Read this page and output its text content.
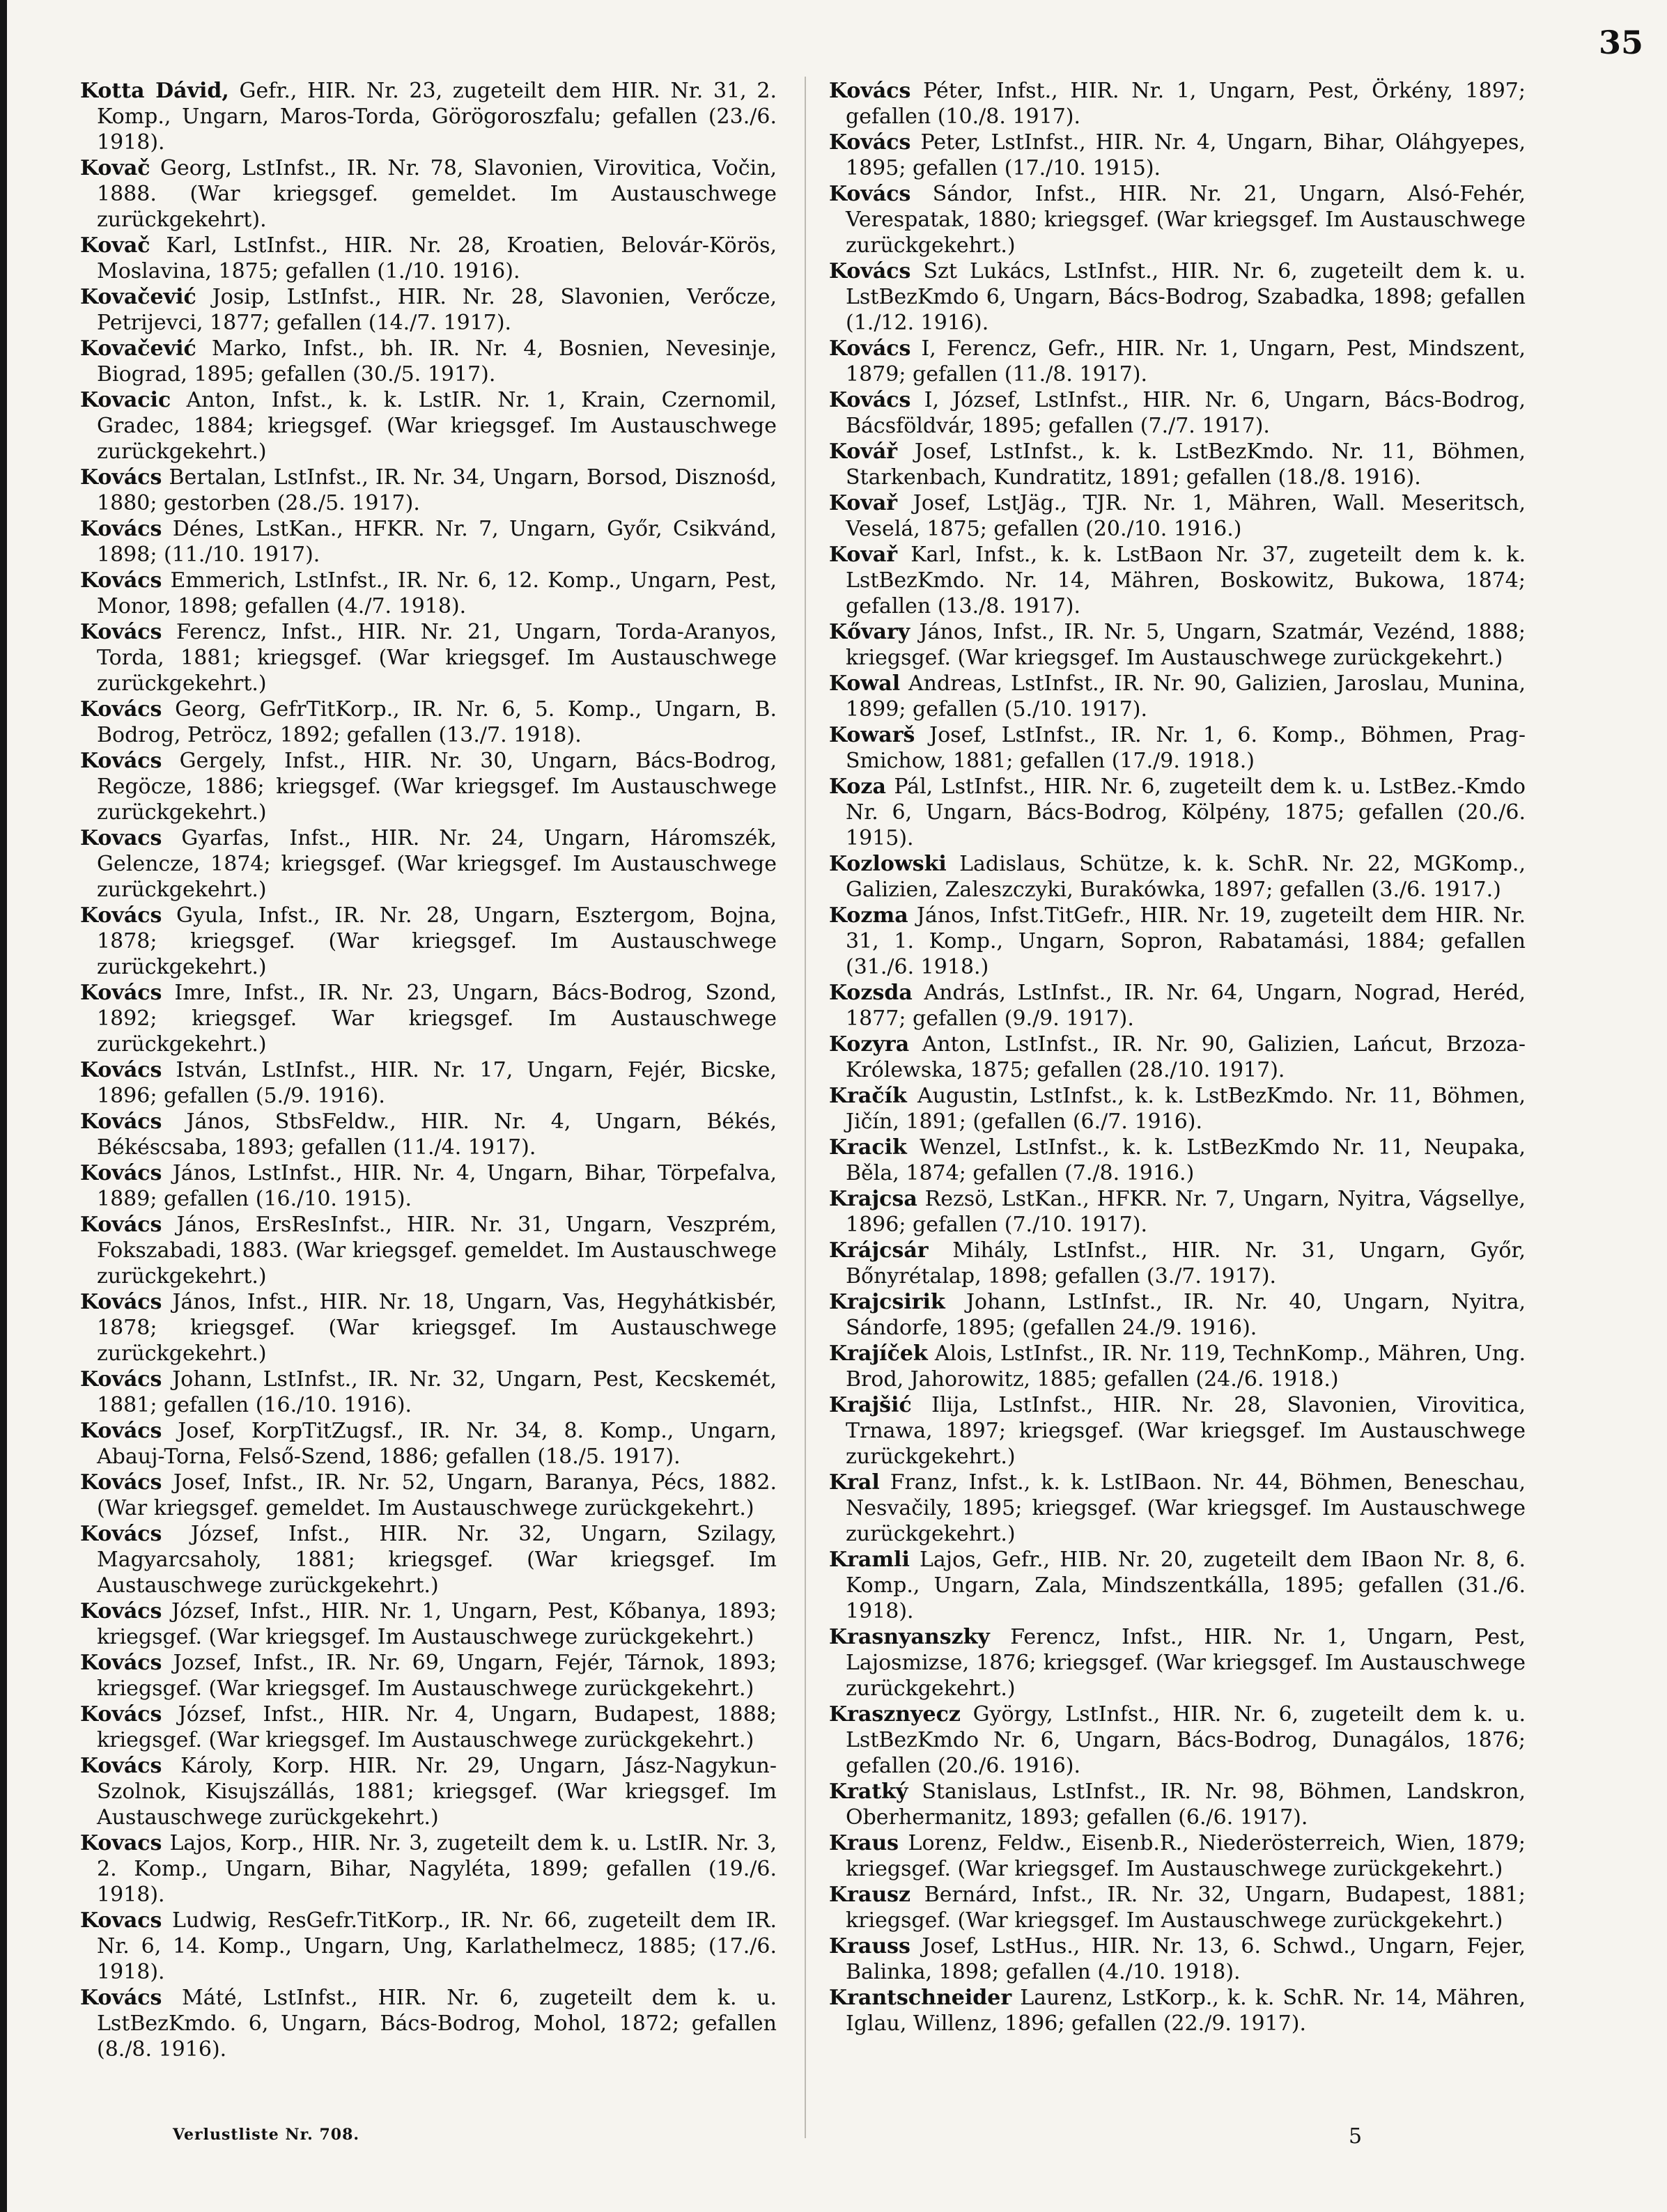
35

Kotta Dávid, Gefr., HIR. Nr. 23, zugeteilt dem HIR. Nr. 31, 2. Komp., Ungarn, Maros-Torda, Görögoroszfalu; gefallen (23./6. 1918).

Kovač Georg, LstInfst., IR. Nr. 78, Slavonien, Virovitica, Vočin, 1888. (War kriegsgef. gemeldet. Im Austauschwege zurückgekehrt).

Kovač Karl, LstInfst., HIR. Nr. 28, Kroatien, Belovár-Körös, Moslavina, 1875; gefallen (1./10. 1916).

Kovačević Josip, LstInfst., HIR. Nr. 28, Slavonien, Verőcze, Petrijevci, 1877; gefallen (14./7. 1917).

Kovačević Marko, Infst., bh. IR. Nr. 4, Bosnien, Nevesinje, Biograd, 1895; gefallen (30./5. 1917).

Kovacic Anton, Infst., k. k. LstIR. Nr. 1, Krain, Czernomil, Gradec, 1884; kriegsgef. (War kriegsgef. Im Austauschwege zurückgekehrt.)

Kovács Bertalan, LstInfst., IR. Nr. 34, Ungarn, Borsod, Disznośd, 1880; gestorben (28./5. 1917).

Kovács Dénes, LstKan., HFKR. Nr. 7, Ungarn, Győr, Csikvánd, 1898; (11./10. 1917).

Kovács Emmerich, LstInfst., IR. Nr. 6, 12. Komp., Ungarn, Pest, Monor, 1898; gefallen (4./7. 1918).

Kovács Ferencz, Infst., HIR. Nr. 21, Ungarn, Torda-Aranyos, Torda, 1881; kriegsgef. (War kriegsgef. Im Austauschwege zurückgekehrt.)

Kovács Georg, GefrTitKorp., IR. Nr. 6, 5. Komp., Ungarn, B. Bodrog, Petröcz, 1892; gefallen (13./7. 1918).

Kovács Gergely, Infst., HIR. Nr. 30, Ungarn, Bács-Bodrog, Regöcze, 1886; kriegsgef. (War kriegsgef. Im Austauschwege zurückgekehrt.)

Kovacs Gyarfas, Infst., HIR. Nr. 24, Ungarn, Háromszék, Gelencze, 1874; kriegsgef. (War kriegsgef. Im Austauschwege zurückgekehrt.)

Kovács Gyula, Infst., IR. Nr. 28, Ungarn, Esztergom, Bojna, 1878; kriegsgef. (War kriegsgef. Im Austauschwege zurückgekehrt.)

Kovács Imre, Infst., IR. Nr. 23, Ungarn, Bács-Bodrog, Szond, 1892; kriegsgef. War kriegsgef. Im Austauschwege zurückgekehrt.)

Kovács István, LstInfst., HIR. Nr. 17, Ungarn, Fejér, Bicske, 1896; gefallen (5./9. 1916).

Kovács János, StbsFeldw., HIR. Nr. 4, Ungarn, Békés, Békéscsaba, 1893; gefallen (11./4. 1917).

Kovács János, LstInfst., HIR. Nr. 4, Ungarn, Bihar, Törpefalva, 1889; gefallen (16./10. 1915).

Kovács János, ErsResInfst., HIR. Nr. 31, Ungarn, Veszprém, Fokszabadi, 1883. (War kriegsgef. gemeldet. Im Austauschwege zurückgekehrt.)

Kovács János, Infst., HIR. Nr. 18, Ungarn, Vas, Hegyhátkisbér, 1878; kriegsgef. (War kriegsgef. Im Austauschwege zurückgekehrt.)

Kovács Johann, LstInfst., IR. Nr. 32, Ungarn, Pest, Kecskemét, 1881; gefallen (16./10. 1916).

Kovács Josef, KorpTitZugsf., IR. Nr. 34, 8. Komp., Ungarn, Abauj-Torna, Felső-Szend, 1886; gefallen (18./5. 1917).

Kovács Josef, Infst., IR. Nr. 52, Ungarn, Baranya, Pécs, 1882. (War kriegsgef. gemeldet. Im Austauschwege zurückgekehrt.)

Kovács József, Infst., HIR. Nr. 32, Ungarn, Szilagy, Magyarcsaholy, 1881; kriegsgef. (War kriegsgef. Im Austauschwege zurückgekehrt.)

Kovács József, Infst., HIR. Nr. 1, Ungarn, Pest, Kőbanya, 1893; kriegsgef. (War kriegsgef. Im Austauschwege zurückgekehrt.)

Kovács Jozsef, Infst., IR. Nr. 69, Ungarn, Fejér, Tárnok, 1893; kriegsgef. (War kriegsgef. Im Austauschwege zurückgekehrt.)

Kovács József, Infst., HIR. Nr. 4, Ungarn, Budapest, 1888; kriegsgef. (War kriegsgef. Im Austauschwege zurückgekehrt.)

Kovács Károly, Korp. HIR. Nr. 29, Ungarn, Jász-Nagykun-Szolnok, Kisujszállás, 1881; kriegsgef. (War kriegsgef. Im Austauschwege zurückgekehrt.)

Kovacs Lajos, Korp., HIR. Nr. 3, zugeteilt dem k. u. LstIR. Nr. 3, 2. Komp., Ungarn, Bihar, Nagyléta, 1899; gefallen (19./6. 1918).

Kovacs Ludwig, ResGefr.TitKorp., IR. Nr. 66, zugeteilt dem IR. Nr. 6, 14. Komp., Ungarn, Ung, Karlathelmecz, 1885; (17./6. 1918).

Kovács Máté, LstInfst., HIR. Nr. 6, zugeteilt dem k. u. LstBezKmdo. 6, Ungarn, Bács-Bodrog, Mohol, 1872; gefallen (8./8. 1916).

Kovács Péter, Infst., HIR. Nr. 1, Ungarn, Pest, Örkény, 1897; gefallen (10./8. 1917).

Kovács Peter, LstInfst., HIR. Nr. 4, Ungarn, Bihar, Oláhgyepes, 1895; gefallen (17./10. 1915).

Kovács Sándor, Infst., HIR. Nr. 21, Ungarn, Alsó-Fehér, Verespatak, 1880; kriegsgef. (War kriegsgef. Im Austauschwege zurückgekehrt.)

Kovács Szt Lukács, LstInfst., HIR. Nr. 6, zugeteilt dem k. u. LstBezKmdo 6, Ungarn, Bács-Bodrog, Szabadka, 1898; gefallen (1./12. 1916).

Kovács I, Ferencz, Gefr., HIR. Nr. 1, Ungarn, Pest, Mindszent, 1879; gefallen (11./8. 1917).

Kovács I, József, LstInfst., HIR. Nr. 6, Ungarn, Bács-Bodrog, Bácsföldvár, 1895; gefallen (7./7. 1917).

Kovář Josef, LstInfst., k. k. LstBezKmdo. Nr. 11, Böhmen, Starkenbach, Kundratitz, 1891; gefallen (18./8. 1916).

Kovař Josef, LstJäg., TJR. Nr. 1, Mähren, Wall. Meseritsch, Veselá, 1875; gefallen (20./10. 1916.)

Kovař Karl, Infst., k. k. LstBaon Nr. 37, zugeteilt dem k. k. LstBezKmdo. Nr. 14, Mähren, Boskowitz, Bukowa, 1874; gefallen (13./8. 1917).

Kővary János, Infst., IR. Nr. 5, Ungarn, Szatmár, Vezénd, 1888; kriegsgef. (War kriegsgef. Im Austauschwege zurückgekehrt.)

Kowal Andreas, LstInfst., IR. Nr. 90, Galizien, Jaroslau, Munina, 1899; gefallen (5./10. 1917).

Kowarš Josef, LstInfst., IR. Nr. 1, 6. Komp., Böhmen, Prag-Smichow, 1881; gefallen (17./9. 1918.)

Koza Pál, LstInfst., HIR. Nr. 6, zugeteilt dem k. u. LstBez.-Kmdo Nr. 6, Ungarn, Bács-Bodrog, Kölpény, 1875; gefallen (20./6. 1915).

Kozlowski Ladislaus, Schütze, k. k. SchR. Nr. 22, MGKomp., Galizien, Zaleszczyki, Burakówka, 1897; gefallen (3./6. 1917.)

Kozma János, Infst.TitGefr., HIR. Nr. 19, zugeteilt dem HIR. Nr. 31, 1. Komp., Ungarn, Sopron, Rabatamási, 1884; gefallen (31./6. 1918.)

Kozsda András, LstInfst., IR. Nr. 64, Ungarn, Nograd, Heréd, 1877; gefallen (9./9. 1917).

Kozyra Anton, LstInfst., IR. Nr. 90, Galizien, Lańcut, Brzoza-Królewska, 1875; gefallen (28./10. 1917).

Kračík Augustin, LstInfst., k. k. LstBezKmdo. Nr. 11, Böhmen, Jičín, 1891; (gefallen (6./7. 1916).

Kracik Wenzel, LstInfst., k. k. LstBezKmdo Nr. 11, Neupaka, Běla, 1874; gefallen (7./8. 1916.)

Krajcsa Rezsö, LstKan., HFKR. Nr. 7, Ungarn, Nyitra, Vágsellye, 1896; gefallen (7./10. 1917).

Krájcsár Mihály, LstInfst., HIR. Nr. 31, Ungarn, Győr, Bőnyrétalap, 1898; gefallen (3./7. 1917).

Krajcsirik Johann, LstInfst., IR. Nr. 40, Ungarn, Nyitra, Sándorfe, 1895; (gefallen 24./9. 1916).

Krajíček Alois, LstInfst., IR. Nr. 119, TechnKomp., Mähren, Ung. Brod, Jahorowitz, 1885; gefallen (24./6. 1918.)

Krajšić Ilija, LstInfst., HIR. Nr. 28, Slavonien, Virovitica, Trnawa, 1897; kriegsgef. (War kriegsgef. Im Austauschwege zurückgekehrt.)

Kral Franz, Infst., k. k. LstIBaon. Nr. 44, Böhmen, Beneschau, Nesvačily, 1895; kriegsgef. (War kriegsgef. Im Austauschwege zurückgekehrt.)

Kramli Lajos, Gefr., HIB. Nr. 20, zugeteilt dem IBaon Nr. 8, 6. Komp., Ungarn, Zala, Mindszentkálla, 1895; gefallen (31./6. 1918).

Krasnyanszky Ferencz, Infst., HIR. Nr. 1, Ungarn, Pest, Lajosmizse, 1876; kriegsgef. (War kriegsgef. Im Austauschwege zurückgekehrt.)

Krasznyecz György, LstInfst., HIR. Nr. 6, zugeteilt dem k. u. LstBezKmdo Nr. 6, Ungarn, Bács-Bodrog, Dunagálos, 1876; gefallen (20./6. 1916).

Kratký Stanislaus, LstInfst., IR. Nr. 98, Böhmen, Landskron, Oberhermanitz, 1893; gefallen (6./6. 1917).

Kraus Lorenz, Feldw., Eisenb.R., Niederösterreich, Wien, 1879; kriegsgef. (War kriegsgef. Im Austauschwege zurückgekehrt.)

Krausz Bernárd, Infst., IR. Nr. 32, Ungarn, Budapest, 1881; kriegsgef. (War kriegsgef. Im Austauschwege zurückgekehrt.)

Krauss Josef, LstHus., HIR. Nr. 13, 6. Schwd., Ungarn, Fejer, Balinka, 1898; gefallen (4./10. 1918).

Krantschneider Laurenz, LstKorp., k. k. SchR. Nr. 14, Mähren, Iglau, Willenz, 1896; gefallen (22./9. 1917).

Verlustliste Nr. 708.	5
